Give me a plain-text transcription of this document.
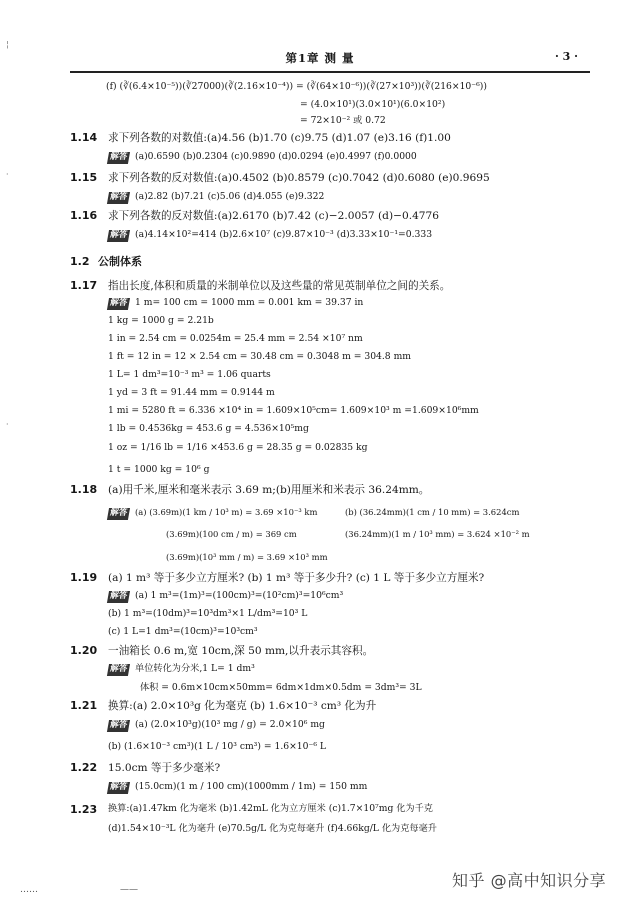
第1章 测 量	· 3 ·
(f) (∛(6.4×10⁻⁵))(∛27000)(∛(2.16×10⁻⁴)) = (∛(64×10⁻⁶))(∛(27×10³))(∛(216×10⁻⁶))
= (4.0×10¹)(3.0×10¹)(6.0×10²)
= 72×10⁻² 或 0.72
1.14 求下列各数的对数值:(a)4.56 (b)1.70 (c)9.75 (d)1.07 (e)3.16 (f)1.00
解答 (a)0.6590 (b)0.2304 (c)0.9890 (d)0.0294 (e)0.4997 (f)0.0000
1.15 求下列各数的反对数值:(a)0.4502 (b)0.8579 (c)0.7042 (d)0.6080 (e)0.9695
解答 (a)2.82 (b)7.21 (c)5.06 (d)4.055 (e)9.322
1.16 求下列各数的反对数值:(a)2.6170 (b)7.42 (c)−2.0057 (d)−0.4776
解答 (a)4.14×10²=414 (b)2.6×10⁷ (c)9.87×10⁻³ (d)3.33×10⁻¹=0.333
1.2 公制体系
1.17 指出长度,体积和质量的米制单位以及这些量的常见英制单位之间的关系。
解答 1 m= 100 cm = 1000 mm = 0.001 km = 39.37 in
1 kg = 1000 g = 2.21b
1 in = 2.54 cm = 0.0254m = 25.4 mm = 2.54 ×10⁷ nm
1 ft = 12 in = 12 × 2.54 cm = 30.48 cm = 0.3048 m = 304.8 mm
1 L= 1 dm³=10⁻³ m³ = 1.06 quarts
1 yd = 3 ft = 91.44 mm = 0.9144 m
1 mi = 5280 ft = 6.336 ×10⁴ in = 1.609×10⁵cm= 1.609×10³ m =1.609×10⁶mm
1 lb = 0.4536kg = 453.6 g = 4.536×10⁵mg
1 oz = 1/16 lb = 1/16 ×453.6 g = 28.35 g = 0.02835 kg
1 t = 1000 kg = 10⁶ g
1.18 (a)用千米,厘米和毫米表示 3.69 m;(b)用厘米和米表示 36.24mm。
解答 (a) (3.69m)(1 km / 10³ m) = 3.69 ×10⁻³ km	(b) (36.24mm)(1 cm / 10 mm) = 3.624cm
(3.69m)(100 cm / m) = 369 cm	(36.24mm)(1 m / 10³ mm) = 3.624 ×10⁻² m
(3.69m)(10³ mm / m) = 3.69 ×10³ mm
1.19 (a) 1 m³ 等于多少立方厘米? (b) 1 m³ 等于多少升? (c) 1 L 等于多少立方厘米?
解答 (a) 1 m³=(1m)³=(100cm)³=(10²cm)³=10⁶cm³
(b) 1 m³=(10dm)³=10³dm³×1 L/dm³=10³ L
(c) 1 L=1 dm³=(10cm)³=10³cm³
1.20 一油箱长 0.6 m,宽 10cm,深 50 mm,以升表示其容积。
解答 单位转化为分米,1 L= 1 dm³
体积 = 0.6m×10cm×50mm= 6dm×1dm×0.5dm = 3dm³= 3L
1.21 换算:(a) 2.0×10³g 化为毫克 (b) 1.6×10⁻³ cm³ 化为升
解答 (a) (2.0×10³g)(10³ mg / g) = 2.0×10⁶ mg
(b) (1.6×10⁻³ cm³)(1 L / 10³ cm³) = 1.6×10⁻⁶ L
1.22 15.0cm 等于多少毫米?
解答 (15.0cm)(1 m / 100 cm)(1000mm / 1m) = 150 mm
1.23 换算:(a)1.47km 化为毫米 (b)1.42mL 化为立方厘米 (c)1.7×10⁷mg 化为千克
(d)1.54×10⁻³L 化为毫升 (e)70.5g/L 化为克每毫升 (f)4.66kg/L 化为克每毫升
¦
·
·
……	——	知乎 @高中知识分享
